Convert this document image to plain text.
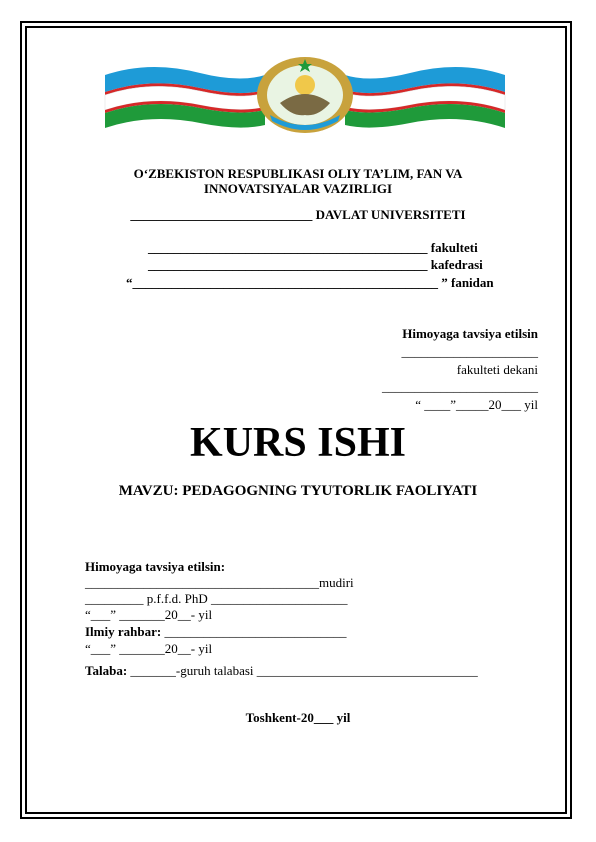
O‘ZBEKISTON RESPUBLIKASI OLIY TA’LIM, FAN VA
INNOVATSIYALAR VAZIRLIGI
____________________________ DAVLAT UNIVERSITETI
___________________________________________ fakulteti
___________________________________________ kafedrasi
“_______________________________________________ ” fanidan
Himoyaga tavsiya etilsin
_____________________
fakulteti dekani
________________________
“ ____”_____20___ yil
KURS ISHI
MAVZU: PEDAGOGNING TYUTORLIK FAOLIYATI
Himoyaga tavsiya etilsin:
____________________________________mudiri
_________ p.f.f.d. PhD _____________________
“___” _______20__- yil
Ilmiy rahbar: ____________________________
“___” _______20__- yil
Talaba: _______-guruh talabasi __________________________________
Toshkent-20___ yil
